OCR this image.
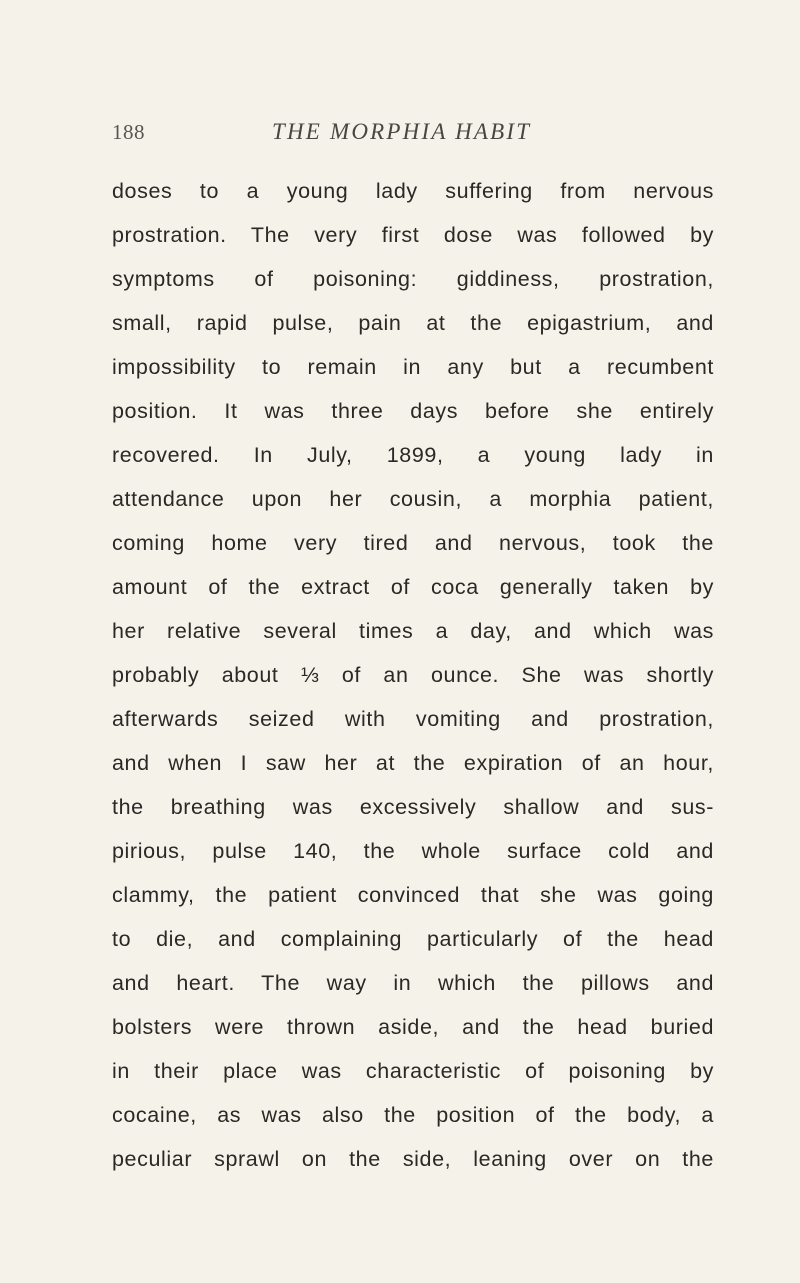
188	THE MORPHIA HABIT
doses to a young lady suffering from nervous
prostration. The very first dose was followed by
symptoms of poisoning: giddiness, prostration,
small, rapid pulse, pain at the epigastrium, and
impossibility to remain in any but a recumbent
position. It was three days before she entirely
recovered. In July, 1899, a young lady in
attendance upon her cousin, a morphia patient,
coming home very tired and nervous, took the
amount of the extract of coca generally taken by
her relative several times a day, and which was
probably about ⅓ of an ounce. She was shortly
afterwards seized with vomiting and prostration,
and when I saw her at the expiration of an hour,
the breathing was excessively shallow and sus-
pirious, pulse 140, the whole surface cold and
clammy, the patient convinced that she was going
to die, and complaining particularly of the head
and heart. The way in which the pillows and
bolsters were thrown aside, and the head buried
in their place was characteristic of poisoning by
cocaine, as was also the position of the body, a
peculiar sprawl on the side, leaning over on the
